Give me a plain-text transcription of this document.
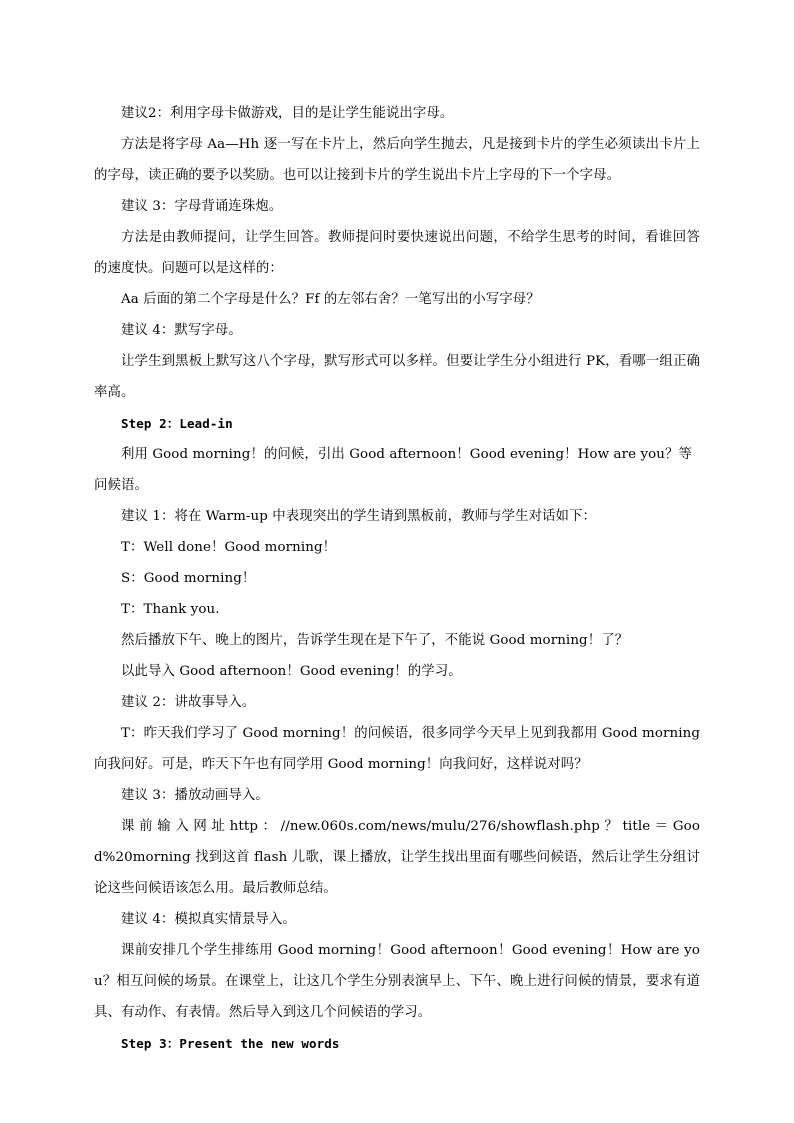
建议2：利用字母卡做游戏，目的是让学生能说出字母。

方法是将字母 Aa—Hh 逐一写在卡片上，然后向学生抛去，凡是接到卡片的学生必须读出卡片上的字母，读正确的要予以奖励。也可以让接到卡片的学生说出卡片上字母的下一个字母。

建议 3：字母背诵连珠炮。

方法是由教师提问，让学生回答。教师提问时要快速说出问题，不给学生思考的时间，看谁回答的速度快。问题可以是这样的：

Aa 后面的第二个字母是什么？Ff 的左邻右舍？一笔写出的小写字母？

建议 4：默写字母。

让学生到黑板上默写这八个字母，默写形式可以多样。但要让学生分小组进行 PK，看哪一组正确率高。

Step 2：Lead-in

利用 Good morning！的问候，引出 Good afternoon！Good evening！How are you？等问候语。

建议 1：将在 Warm-up 中表现突出的学生请到黑板前，教师与学生对话如下：

T：Well done！Good morning！

S：Good morning！

T：Thank you.

然后播放下午、晚上的图片，告诉学生现在是下午了，不能说 Good morning！了？

以此导入 Good afternoon！Good evening！的学习。

建议 2：讲故事导入。

T：昨天我们学习了 Good morning！的问候语，很多同学今天早上见到我都用 Good morning 向我问好。可是，昨天下午也有同学用 Good morning！向我问好，这样说对吗？

建议 3：播放动画导入。

课 前 输 入 网 址 http ： //new.060s.com/news/mulu/276/showflash.php ？ title ＝ Good%20morning 找到这首 flash 儿歌，课上播放，让学生找出里面有哪些问候语，然后让学生分组讨论这些问候语该怎么用。最后教师总结。

建议 4：模拟真实情景导入。

课前安排几个学生排练用 Good morning！Good afternoon！Good evening！How are you？相互问候的场景。在课堂上，让这几个学生分别表演早上、下午、晚上进行问候的情景，要求有道具、有动作、有表情。然后导入到这几个问候语的学习。

Step 3：Present the new words
